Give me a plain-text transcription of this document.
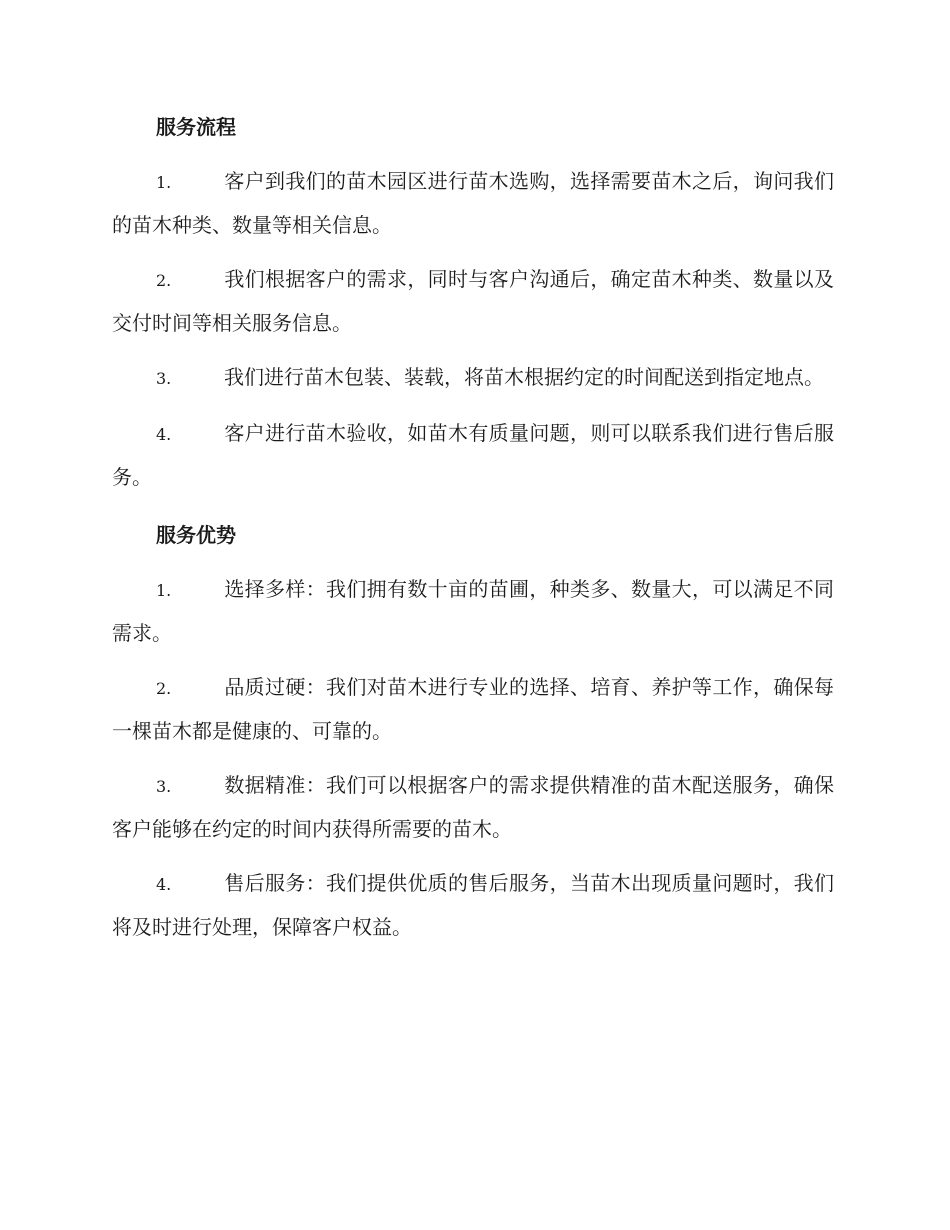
服务流程

1.	客户到我们的苗木园区进行苗木选购，选择需要苗木之后，询问我们的苗木种类、数量等相关信息。

2.	我们根据客户的需求，同时与客户沟通后，确定苗木种类、数量以及交付时间等相关服务信息。

3.	我们进行苗木包装、装载，将苗木根据约定的时间配送到指定地点。

4.	客户进行苗木验收，如苗木有质量问题，则可以联系我们进行售后服务。

服务优势

1.	选择多样：我们拥有数十亩的苗圃，种类多、数量大，可以满足不同需求。

2.	品质过硬：我们对苗木进行专业的选择、培育、养护等工作，确保每一棵苗木都是健康的、可靠的。

3.	数据精准：我们可以根据客户的需求提供精准的苗木配送服务，确保客户能够在约定的时间内获得所需要的苗木。

4.	售后服务：我们提供优质的售后服务，当苗木出现质量问题时，我们将及时进行处理，保障客户权益。
